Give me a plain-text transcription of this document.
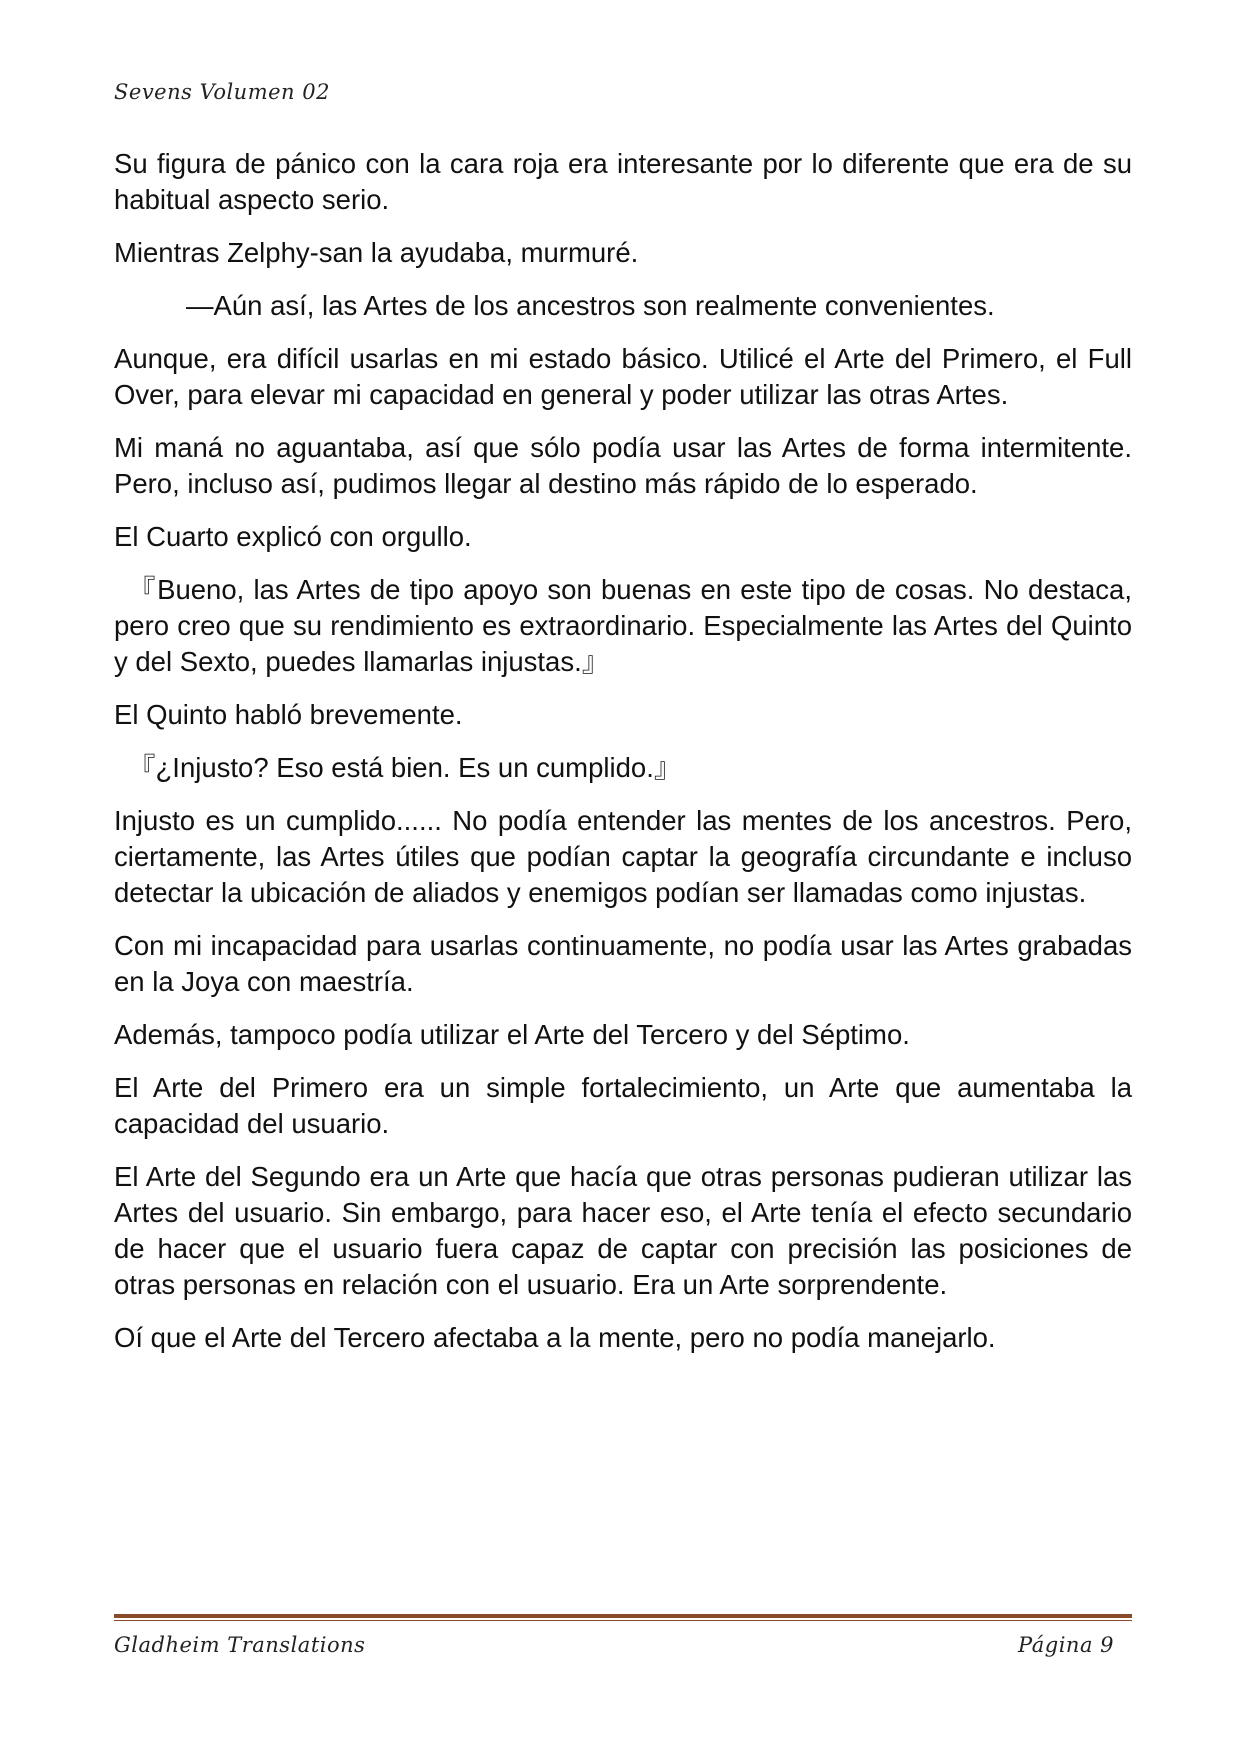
Sevens Volumen 02

Su figura de pánico con la cara roja era interesante por lo diferente que era de su habitual aspecto serio.

Mientras Zelphy-san la ayudaba, murmuré.

—Aún así, las Artes de los ancestros son realmente convenientes.

Aunque, era difícil usarlas en mi estado básico. Utilicé el Arte del Primero, el Full Over, para elevar mi capacidad en general y poder utilizar las otras Artes.

Mi maná no aguantaba, así que sólo podía usar las Artes de forma intermitente. Pero, incluso así, pudimos llegar al destino más rápido de lo esperado.

El Cuarto explicó con orgullo.

『Bueno, las Artes de tipo apoyo son buenas en este tipo de cosas. No destaca, pero creo que su rendimiento es extraordinario. Especialmente las Artes del Quinto y del Sexto, puedes llamarlas injustas.』

El Quinto habló brevemente.

『¿Injusto? Eso está bien. Es un cumplido.』

Injusto es un cumplido...... No podía entender las mentes de los ancestros. Pero, ciertamente, las Artes útiles que podían captar la geografía circundante e incluso detectar la ubicación de aliados y enemigos podían ser llamadas como injustas.

Con mi incapacidad para usarlas continuamente, no podía usar las Artes grabadas en la Joya con maestría.

Además, tampoco podía utilizar el Arte del Tercero y del Séptimo.

El Arte del Primero era un simple fortalecimiento, un Arte que aumentaba la capacidad del usuario.

El Arte del Segundo era un Arte que hacía que otras personas pudieran utilizar las Artes del usuario. Sin embargo, para hacer eso, el Arte tenía el efecto secundario de hacer que el usuario fuera capaz de captar con precisión las posiciones de otras personas en relación con el usuario. Era un Arte sorprendente.

Oí que el Arte del Tercero afectaba a la mente, pero no podía manejarlo.

Gladheim Translations	Página 9
